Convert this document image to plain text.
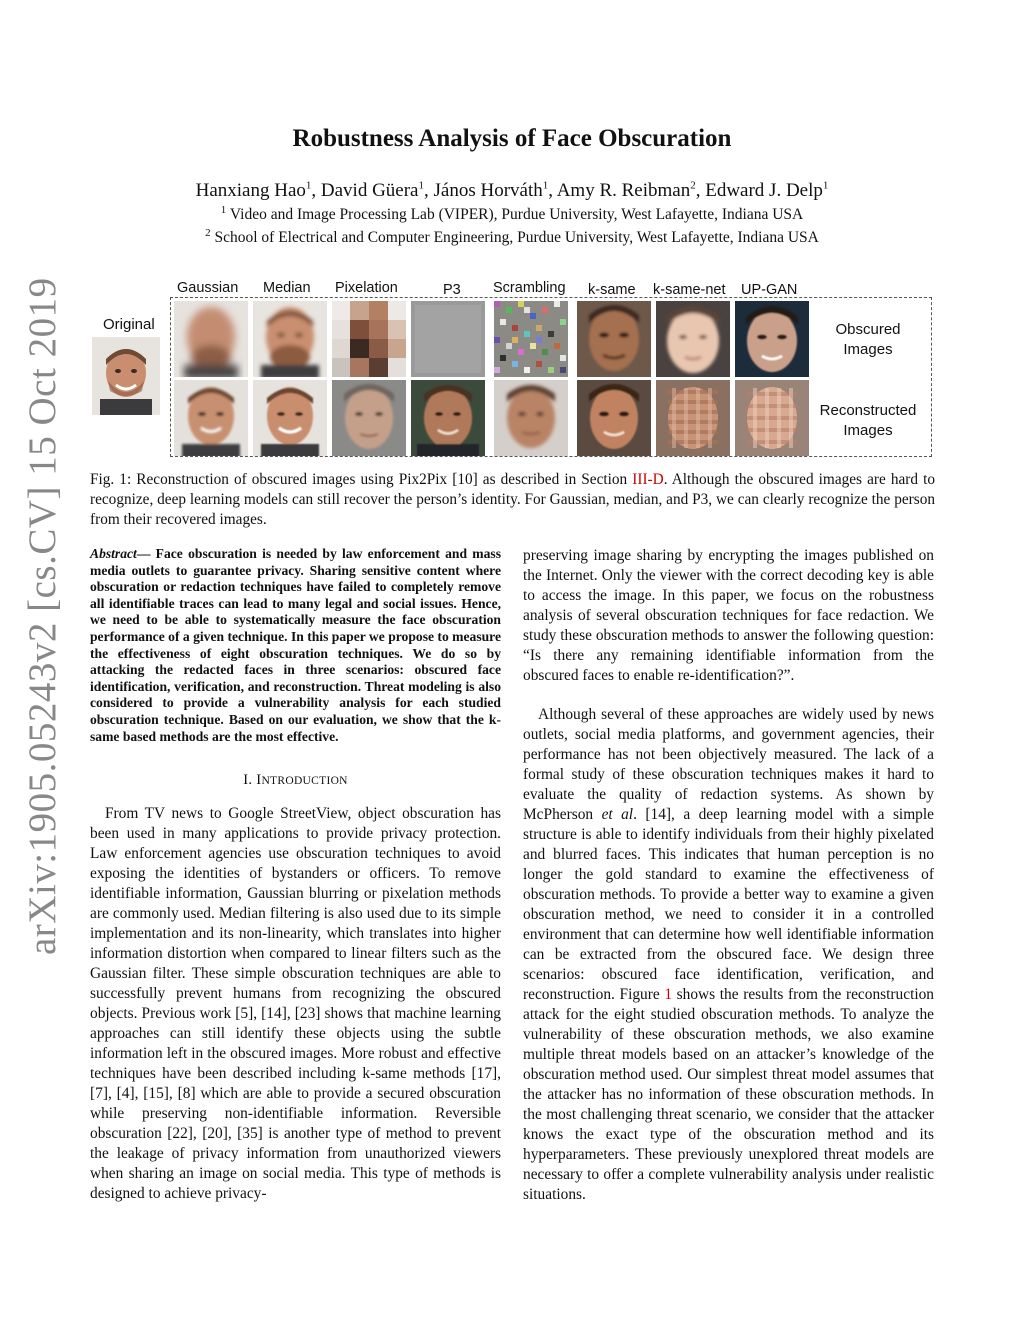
arXiv:1905.05243v2 [cs.CV] 15 Oct 2019
Robustness Analysis of Face Obscuration
Hanxiang Hao$^1$, David Güera$^1$, János Horváth$^1$, Amy R. Reibman$^2$, Edward J. Delp$^1$
$^1$ Video and Image Processing Lab (VIPER), Purdue University, West Lafayette, Indiana USA
$^2$ School of Electrical and Computer Engineering, Purdue University, West Lafayette, Indiana USA
Gaussian Median Pixelation	P3 Scrambling k-same k-same-net UP-GAN
Original	Obscured
Images
Reconstructed
Images
Fig. 1: Reconstruction of obscured images using Pix2Pix [10] as described in Section III-D. Although the obscured images are hard to recognize, deep learning models can still recover the person’s identity. For Gaussian, median, and P3, we can clearly recognize the person from their recovered images.

Abstract— Face obscuration is needed by law enforcement and mass media outlets to guarantee privacy. Sharing sensitive content where obscuration or redaction techniques have failed to completely remove all identifiable traces can lead to many legal and social issues. Hence, we need to be able to systematically measure the face obscuration performance of a given technique. In this paper we propose to measure the effectiveness of eight obscuration techniques. We do so by attacking the redacted faces in three scenarios: obscured face identification, verification, and reconstruction. Threat modeling is also considered to provide a vulnerability analysis for each studied obscuration technique. Based on our evaluation, we show that the k-same based methods are the most effective.

I. INTRODUCTION

From TV news to Google StreetView, object obscuration has been used in many applications to provide privacy protection. Law enforcement agencies use obscuration techniques to avoid exposing the identities of bystanders or officers. To remove identifiable information, Gaussian blurring or pixelation methods are commonly used. Median filtering is also used due to its simple implementation and its non-linearity, which translates into higher information distortion when compared to linear filters such as the Gaussian filter. These simple obscuration techniques are able to successfully prevent humans from recognizing the obscured objects. Previous work [5], [14], [23] shows that machine learning approaches can still identify these objects using the subtle information left in the obscured images. More robust and effective techniques have been described including k-same methods [17], [7], [4], [15], [8] which are able to provide a secured obscuration while preserving non-identifiable information. Reversible obscuration [22], [20], [35] is another type of method to prevent the leakage of privacy information from unauthorized viewers when sharing an image on social media. This type of methods is designed to achieve privacy-

preserving image sharing by encrypting the images published on the Internet. Only the viewer with the correct decoding key is able to access the image. In this paper, we focus on the robustness analysis of several obscuration techniques for face redaction. We study these obscuration methods to answer the following question: “Is there any remaining identifiable information from the obscured faces to enable re-identification?”.

Although several of these approaches are widely used by news outlets, social media platforms, and government agencies, their performance has not been objectively measured. The lack of a formal study of these obscuration techniques makes it hard to evaluate the quality of redaction systems. As shown by McPherson et al. [14], a deep learning model with a simple structure is able to identify individuals from their highly pixelated and blurred faces. This indicates that human perception is no longer the gold standard to examine the effectiveness of obscuration methods. To provide a better way to examine a given obscuration method, we need to consider it in a controlled environment that can determine how well identifiable information can be extracted from the obscured face. We design three scenarios: obscured face identification, verification, and reconstruction. Figure 1 shows the results from the reconstruction attack for the eight studied obscuration methods. To analyze the vulnerability of these obscuration methods, we also examine multiple threat models based on an attacker’s knowledge of the obscuration method used. Our simplest threat model assumes that the attacker has no information of these obscuration methods. In the most challenging threat scenario, we consider that the attacker knows the exact type of the obscuration method and its hyperparameters. These previously unexplored threat models are necessary to offer a complete vulnerability analysis under realistic situations.
